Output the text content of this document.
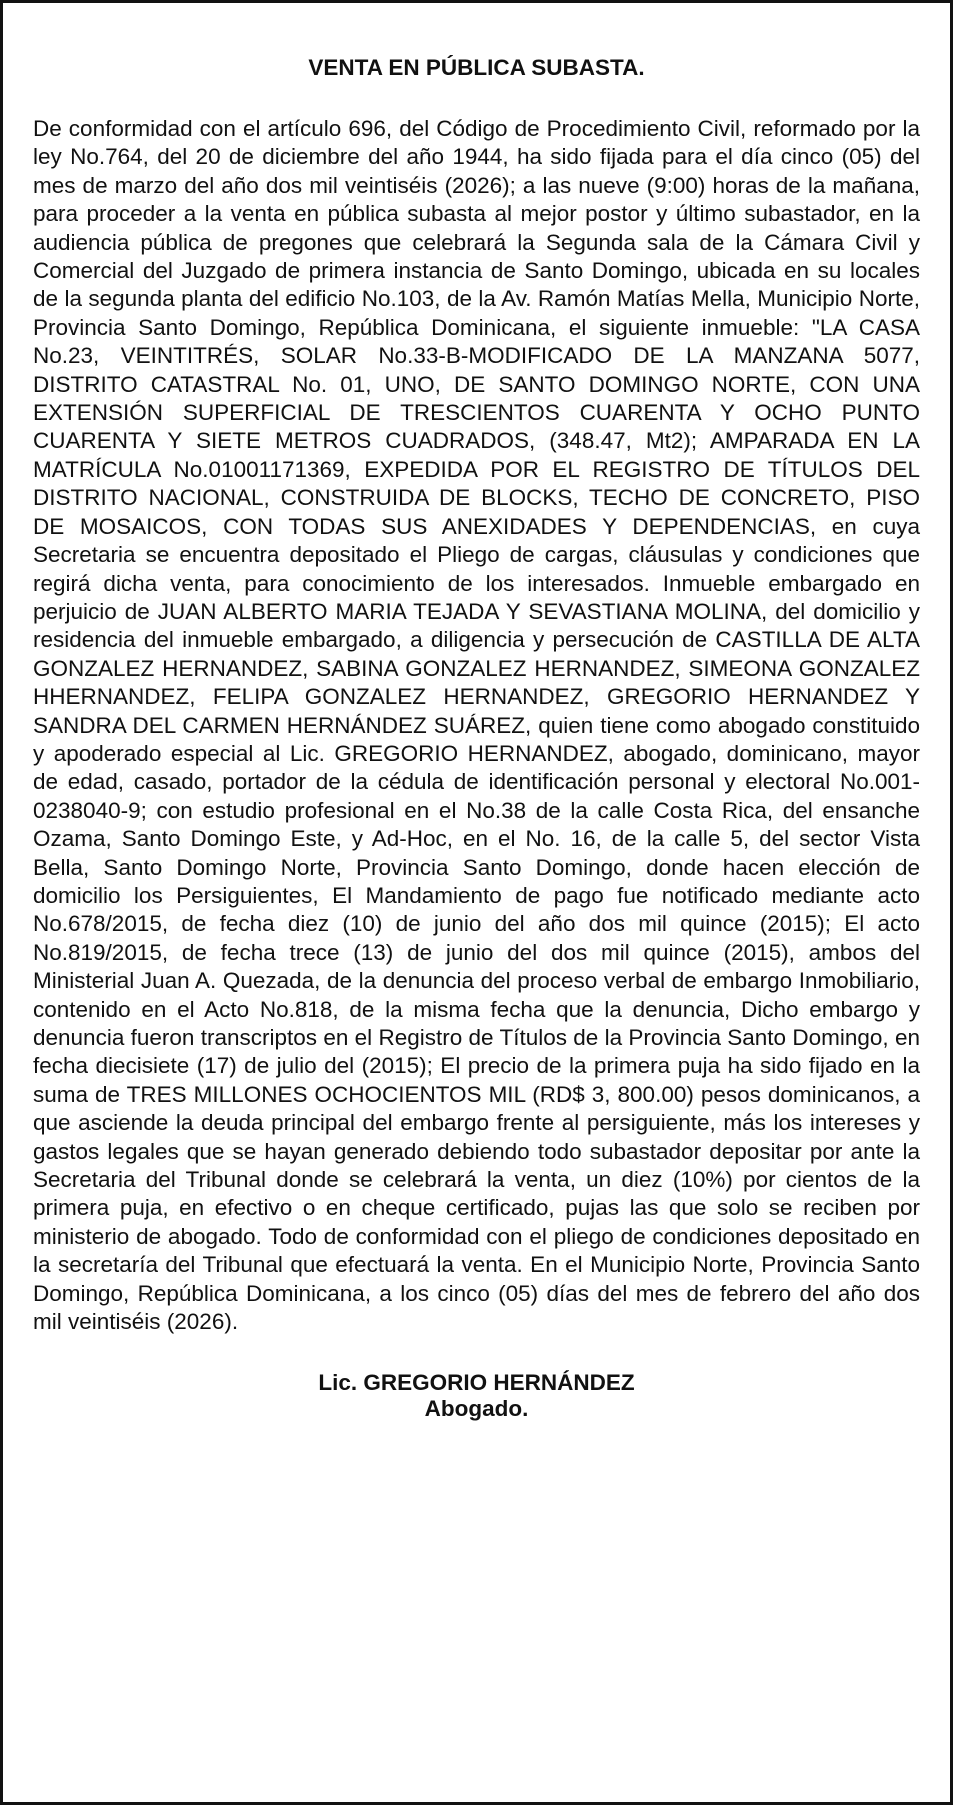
VENTA EN PÚBLICA SUBASTA.

De conformidad con el artículo 696, del Código de Procedimiento Civil, reformado por la ley No.764, del 20 de diciembre del año 1944, ha sido fijada para el día cinco (05) del mes de marzo del año dos mil veintiséis (2026); a las nueve (9:00) horas de la mañana, para proceder a la venta en pública subasta al mejor postor y último subastador, en la audiencia pública de pregones que celebrará la Segunda sala de la Cámara Civil y Comercial del Juzgado de primera instancia de Santo Domingo, ubicada en su locales de la segunda planta del edificio No.103, de la Av. Ramón Matías Mella, Municipio Norte, Provincia Santo Domingo, República Dominicana, el siguiente inmueble: "LA CASA No.23, VEINTITRÉS, SOLAR No.33-B-MODIFICADO DE LA MANZANA 5077, DISTRITO CATASTRAL No. 01, UNO, DE SANTO DOMINGO NORTE, CON UNA EXTENSIÓN SUPERFICIAL DE TRESCIENTOS CUARENTA Y OCHO PUNTO CUARENTA Y SIETE METROS CUADRADOS, (348.47, Mt2); AMPARADA EN LA MATRÍCULA No.01001171369, EXPEDIDA POR EL REGISTRO DE TÍTULOS DEL DISTRITO NACIONAL, CONSTRUIDA DE BLOCKS, TECHO DE CONCRETO, PISO DE MOSAICOS, CON TODAS SUS ANEXIDADES Y DEPENDENCIAS, en cuya Secretaria se encuentra depositado el Pliego de cargas, cláusulas y condiciones que regirá dicha venta, para conocimiento de los interesados. Inmueble embargado en perjuicio de JUAN ALBERTO MARIA TEJADA Y SEVASTIANA MOLINA, del domicilio y residencia del inmueble embargado, a diligencia y persecución de CASTILLA DE ALTA GONZALEZ HERNANDEZ, SABINA GONZALEZ HERNANDEZ, SIMEONA GONZALEZ HHERNANDEZ, FELIPA GONZALEZ HERNANDEZ, GREGORIO HERNANDEZ Y SANDRA DEL CARMEN HERNÁNDEZ SUÁREZ, quien tiene como abogado constituido y apoderado especial al Lic. GREGORIO HERNANDEZ, abogado, dominicano, mayor de edad, casado, portador de la cédula de identificación personal y electoral No.001-0238040-9; con estudio profesional en el No.38 de la calle Costa Rica, del ensanche Ozama, Santo Domingo Este, y Ad-Hoc, en el No. 16, de la calle 5, del sector Vista Bella, Santo Domingo Norte, Provincia Santo Domingo, donde hacen elección de domicilio los Persiguientes, El Mandamiento de pago fue notificado mediante acto No.678/2015, de fecha diez (10) de junio del año dos mil quince (2015); El acto No.819/2015, de fecha trece (13) de junio del dos mil quince (2015), ambos del Ministerial Juan A. Quezada, de la denuncia del proceso verbal de embargo Inmobiliario, contenido en el Acto No.818, de la misma fecha que la denuncia, Dicho embargo y denuncia fueron transcriptos en el Registro de Títulos de la Provincia Santo Domingo, en fecha diecisiete (17) de julio del (2015); El precio de la primera puja ha sido fijado en la suma de TRES MILLONES OCHOCIENTOS MIL (RD$ 3, 800.00) pesos dominicanos, a que asciende la deuda principal del embargo frente al persiguiente, más los intereses y gastos legales que se hayan generado debiendo todo subastador depositar por ante la Secretaria del Tribunal donde se celebrará la venta, un diez (10%) por cientos de la primera puja, en efectivo o en cheque certificado, pujas las que solo se reciben por ministerio de abogado. Todo de conformidad con el pliego de condiciones depositado en la secretaría del Tribunal que efectuará la venta. En el Municipio Norte, Provincia Santo Domingo, República Dominicana, a los cinco (05) días del mes de febrero del año dos mil veintiséis (2026).

Lic. GREGORIO HERNÁNDEZ
Abogado.
